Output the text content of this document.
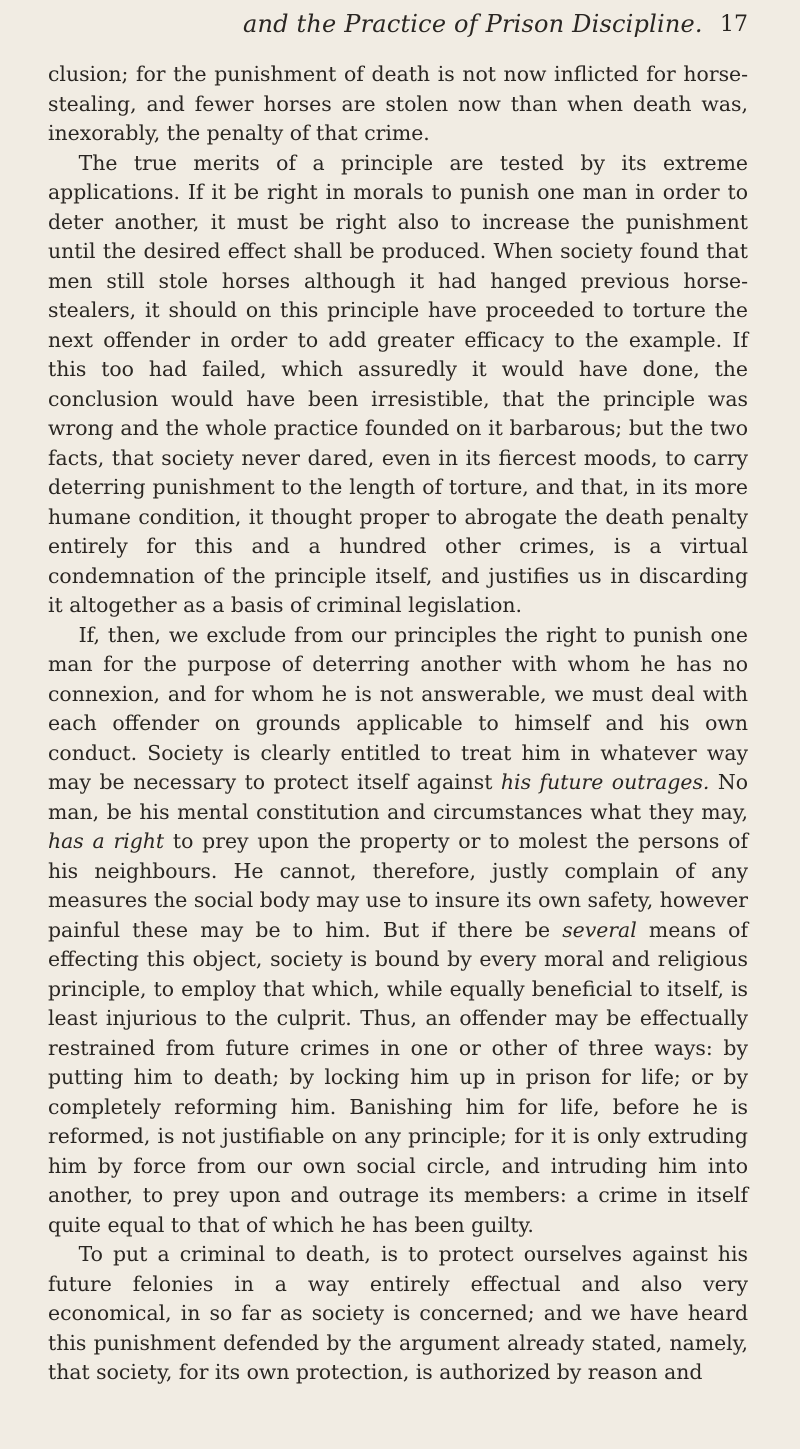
and the Practice of Prison Discipline. 17

clusion; for the punishment of death is not now inflicted for horse-stealing, and fewer horses are stolen now than when death was, inexorably, the penalty of that crime.

The true merits of a principle are tested by its extreme applications. If it be right in morals to punish one man in order to deter another, it must be right also to increase the punishment until the desired effect shall be produced. When society found that men still stole horses although it had hanged previous horse-stealers, it should on this principle have proceeded to torture the next offender in order to add greater efficacy to the example. If this too had failed, which assuredly it would have done, the conclusion would have been irresistible, that the principle was wrong and the whole practice founded on it barbarous; but the two facts, that society never dared, even in its fiercest moods, to carry deterring punishment to the length of torture, and that, in its more humane condition, it thought proper to abrogate the death penalty entirely for this and a hundred other crimes, is a virtual condemnation of the principle itself, and justifies us in discarding it altogether as a basis of criminal legislation.

If, then, we exclude from our principles the right to punish one man for the purpose of deterring another with whom he has no connexion, and for whom he is not answerable, we must deal with each offender on grounds applicable to himself and his own conduct. Society is clearly entitled to treat him in whatever way may be necessary to protect itself against his future outrages. No man, be his mental constitution and circumstances what they may, has a right to prey upon the property or to molest the persons of his neighbours. He cannot, therefore, justly complain of any measures the social body may use to insure its own safety, however painful these may be to him. But if there be several means of effecting this object, society is bound by every moral and religious principle, to employ that which, while equally beneficial to itself, is least injurious to the culprit. Thus, an offender may be effectually restrained from future crimes in one or other of three ways: by putting him to death; by locking him up in prison for life; or by completely reforming him. Banishing him for life, before he is reformed, is not justifiable on any principle; for it is only extruding him by force from our own social circle, and intruding him into another, to prey upon and outrage its members: a crime in itself quite equal to that of which he has been guilty.

To put a criminal to death, is to protect ourselves against his future felonies in a way entirely effectual and also very economical, in so far as society is concerned; and we have heard this punishment defended by the argument already stated, namely, that society, for its own protection, is authorized by reason and
